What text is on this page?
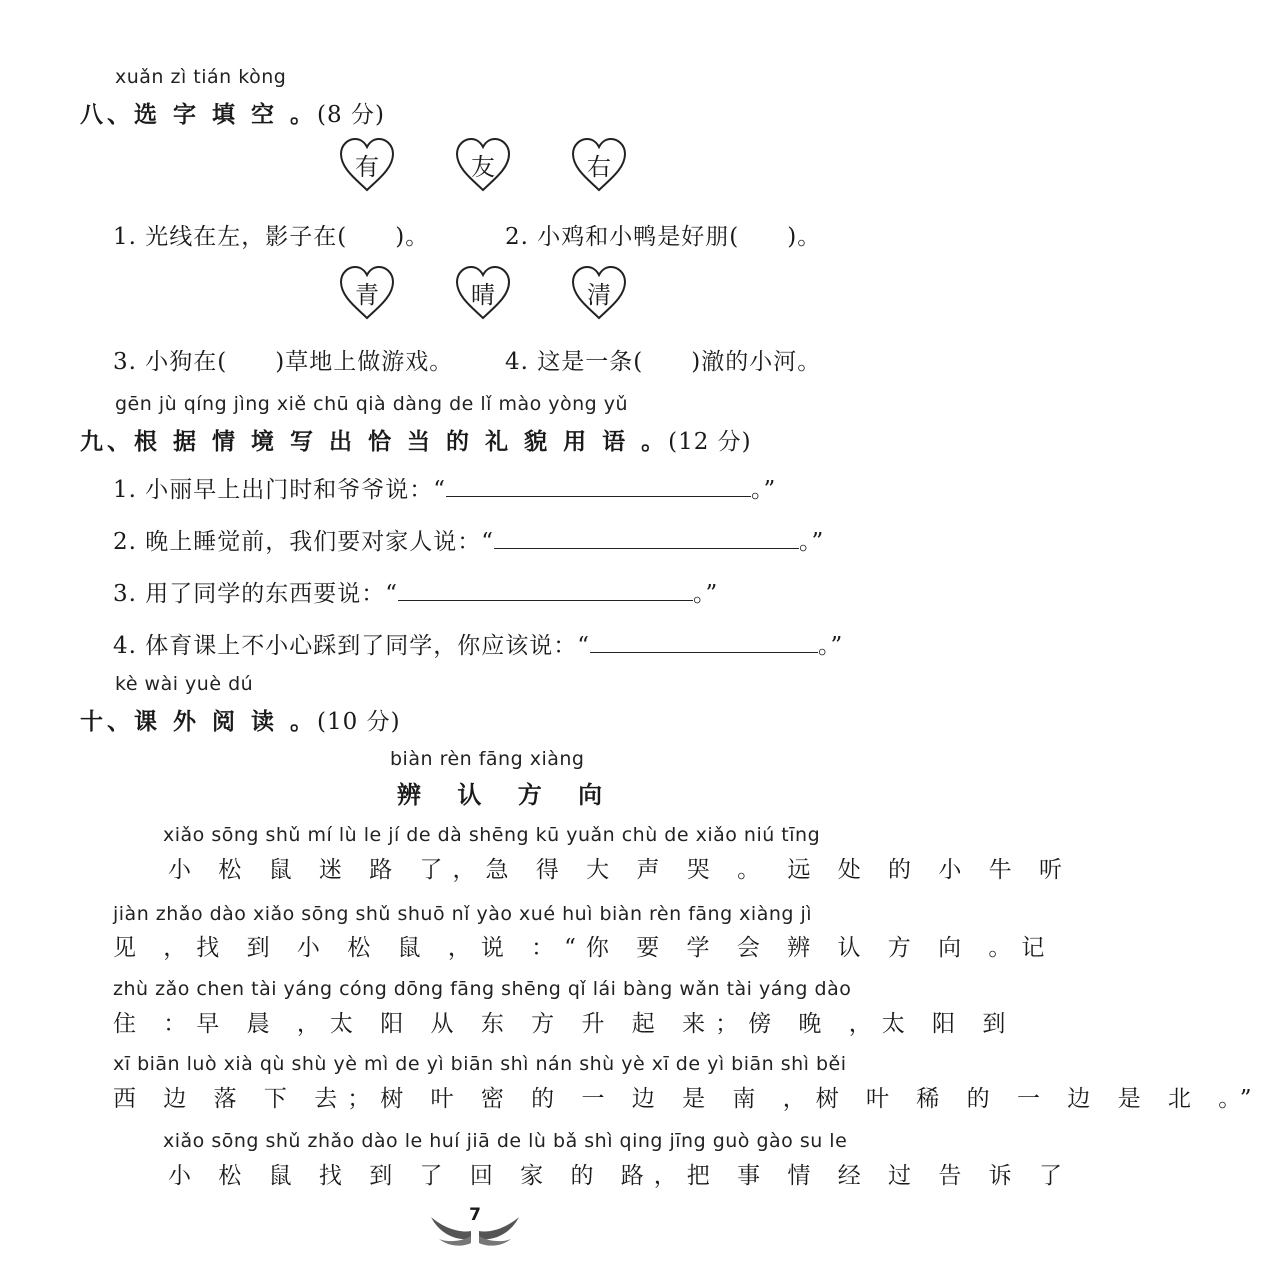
xuǎn zì tián kòng
八、选 字 填 空 。(8 分)
有	友	右
1. 光线在左，影子在(　　)。	2. 小鸡和小鸭是好朋(　　)。
青	晴	清
3. 小狗在(　　)草地上做游戏。 4. 这是一条(　　)澈的小河。
gēn jù qíng jìng xiě chū qià dàng de lǐ mào yòng yǔ
九、根 据 情 境 写 出 恰 当 的 礼 貌 用 语 。(12 分)
1. 小丽早上出门时和爷爷说：“	。”
2. 晚上睡觉前，我们要对家人说：“	。”
3. 用了同学的东西要说：“	。”
4. 体育课上不小心踩到了同学，你应该说：“	。”
kè wài yuè dú
十、课 外 阅 读 。(10 分)
biàn rèn fāng xiàng
辨 认 方 向
xiǎo sōng shǔ mí lù le jí de dà shēng kū yuǎn chù de xiǎo niú tīng
小 松 鼠 迷 路 了，急 得 大 声 哭 。 远 处 的 小 牛 听
jiàn zhǎo dào xiǎo sōng shǔ shuō nǐ yào xué huì biàn rèn fāng xiàng jì
见 ，找 到 小 松 鼠 ，说 ：“你 要 学 会 辨 认 方 向 。记
zhù zǎo chen tài yáng cóng dōng fāng shēng qǐ lái bàng wǎn tài yáng dào
住 ：早 晨 ，太 阳 从 东 方 升 起 来；傍 晚 ，太 阳 到
xī biān luò xià qù shù yè mì de yì biān shì nán shù yè xī de yì biān shì běi
西 边 落 下 去；树 叶 密 的 一 边 是 南 ，树 叶 稀 的 一 边 是 北 。”
xiǎo sōng shǔ zhǎo dào le huí jiā de lù bǎ shì qing jīng guò gào su le
小 松 鼠 找 到 了 回 家 的 路，把 事 情 经 过 告 诉 了
7
